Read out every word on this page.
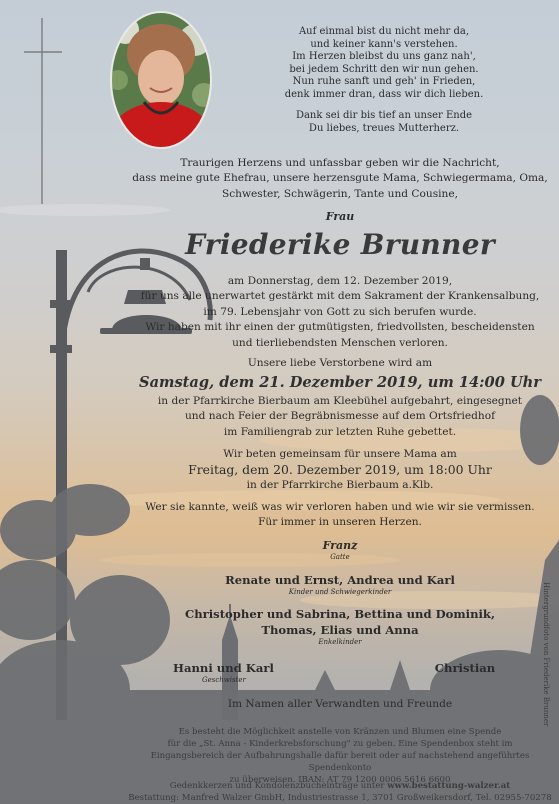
Auf einmal bist du nicht mehr da,

und keiner kann's verstehen.

Im Herzen bleibst du uns ganz nah',

bei jedem Schritt den wir nun gehen.

Nun ruhe sanft und geh' in Frieden,

denk immer dran, dass wir dich lieben.

Dank sei dir bis tief an unser Ende

Du liebes, treues Mutterherz.

Traurigen Herzens und unfassbar geben wir die Nachricht,

dass meine gute Ehefrau, unsere herzensgute Mama, Schwiegermama, Oma,

Schwester, Schwägerin, Tante und Cousine,

Frau

Friederike Brunner

am Donnerstag, dem 12. Dezember 2019,

für uns alle unerwartet gestärkt mit dem Sakrament der Krankensalbung,

im 79. Lebensjahr von Gott zu sich berufen wurde.

Wir haben mit ihr einen der gutmütigsten, friedvollsten, bescheidensten

und tierliebendsten Menschen verloren.

Unsere liebe Verstorbene wird am

Samstag, dem 21. Dezember 2019, um 14:00 Uhr

in der Pfarrkirche Bierbaum am Kleebühel aufgebahrt, eingesegnet

und nach Feier der Begräbnismesse auf dem Ortsfriedhof

im Familiengrab zur letzten Ruhe gebettet.

Wir beten gemeinsam für unsere Mama am

Freitag, dem 20. Dezember 2019, um 18:00 Uhr

in der Pfarrkirche Bierbaum a.Klb.

Wer sie kannte, weiß was wir verloren haben und wie wir sie vermissen.

Für immer in unseren Herzen.

Franz

Gatte

Renate und Ernst, Andrea und Karl

Kinder und Schwiegerkinder

Christopher und Sabrina, Bettina und Dominik,

Thomas, Elias und Anna

Enkelkinder

Hanni und Karl

Geschwister

Christian

Im Namen aller Verwandten und Freunde

Es besteht die Möglichkeit anstelle von Kränzen und Blumen eine Spende

für die „St. Anna - Kinderkrebsforschung" zu geben. Eine Spendenbox steht im

Eingangsbereich der Aufbahrungshalle dafür bereit oder auf nachstehend angeführtes Spendenkonto

zu überweisen. IBAN: AT 79 1200 0006 5616 6600

Gedenkkerzen und Kondolenzbucheinträge unter www.bestattung-walzer.at

Bestattung: Manfred Walzer GmbH, Industriestrasse 1, 3701 Großweikersdorf, Tel. 02955-70278

Hintergrundfoto von Friederike Brunner
